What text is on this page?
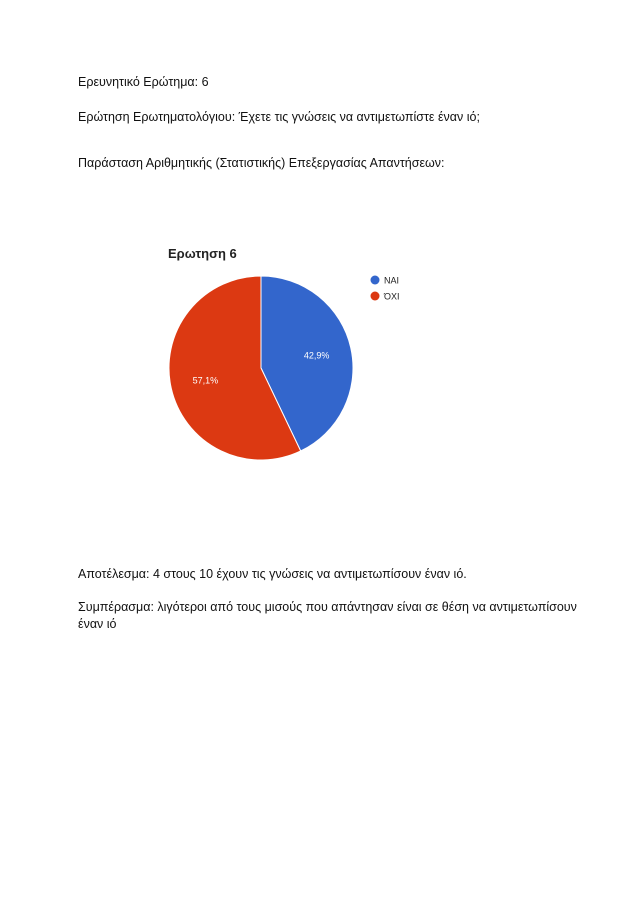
Ερευνητικό Ερώτημα: 6
Ερώτηση Ερωτηματολόγιου: Έχετε τις γνώσεις να αντιμετωπίστε έναν ιό;
Παράσταση Αριθμητικής (Στατιστικής) Επεξεργασίας Απαντήσεων:
Ερωτηση 6
42,9%
57,1%
ΝΑΙ
ΌΧΙ
Αποτέλεσμα: 4 στους 10 έχουν τις γνώσεις να αντιμετωπίσουν έναν ιό.
Συμπέρασμα: λιγότεροι από τους μισούς που απάντησαν είναι σε θέση να αντιμετωπίσουν έναν ιό
